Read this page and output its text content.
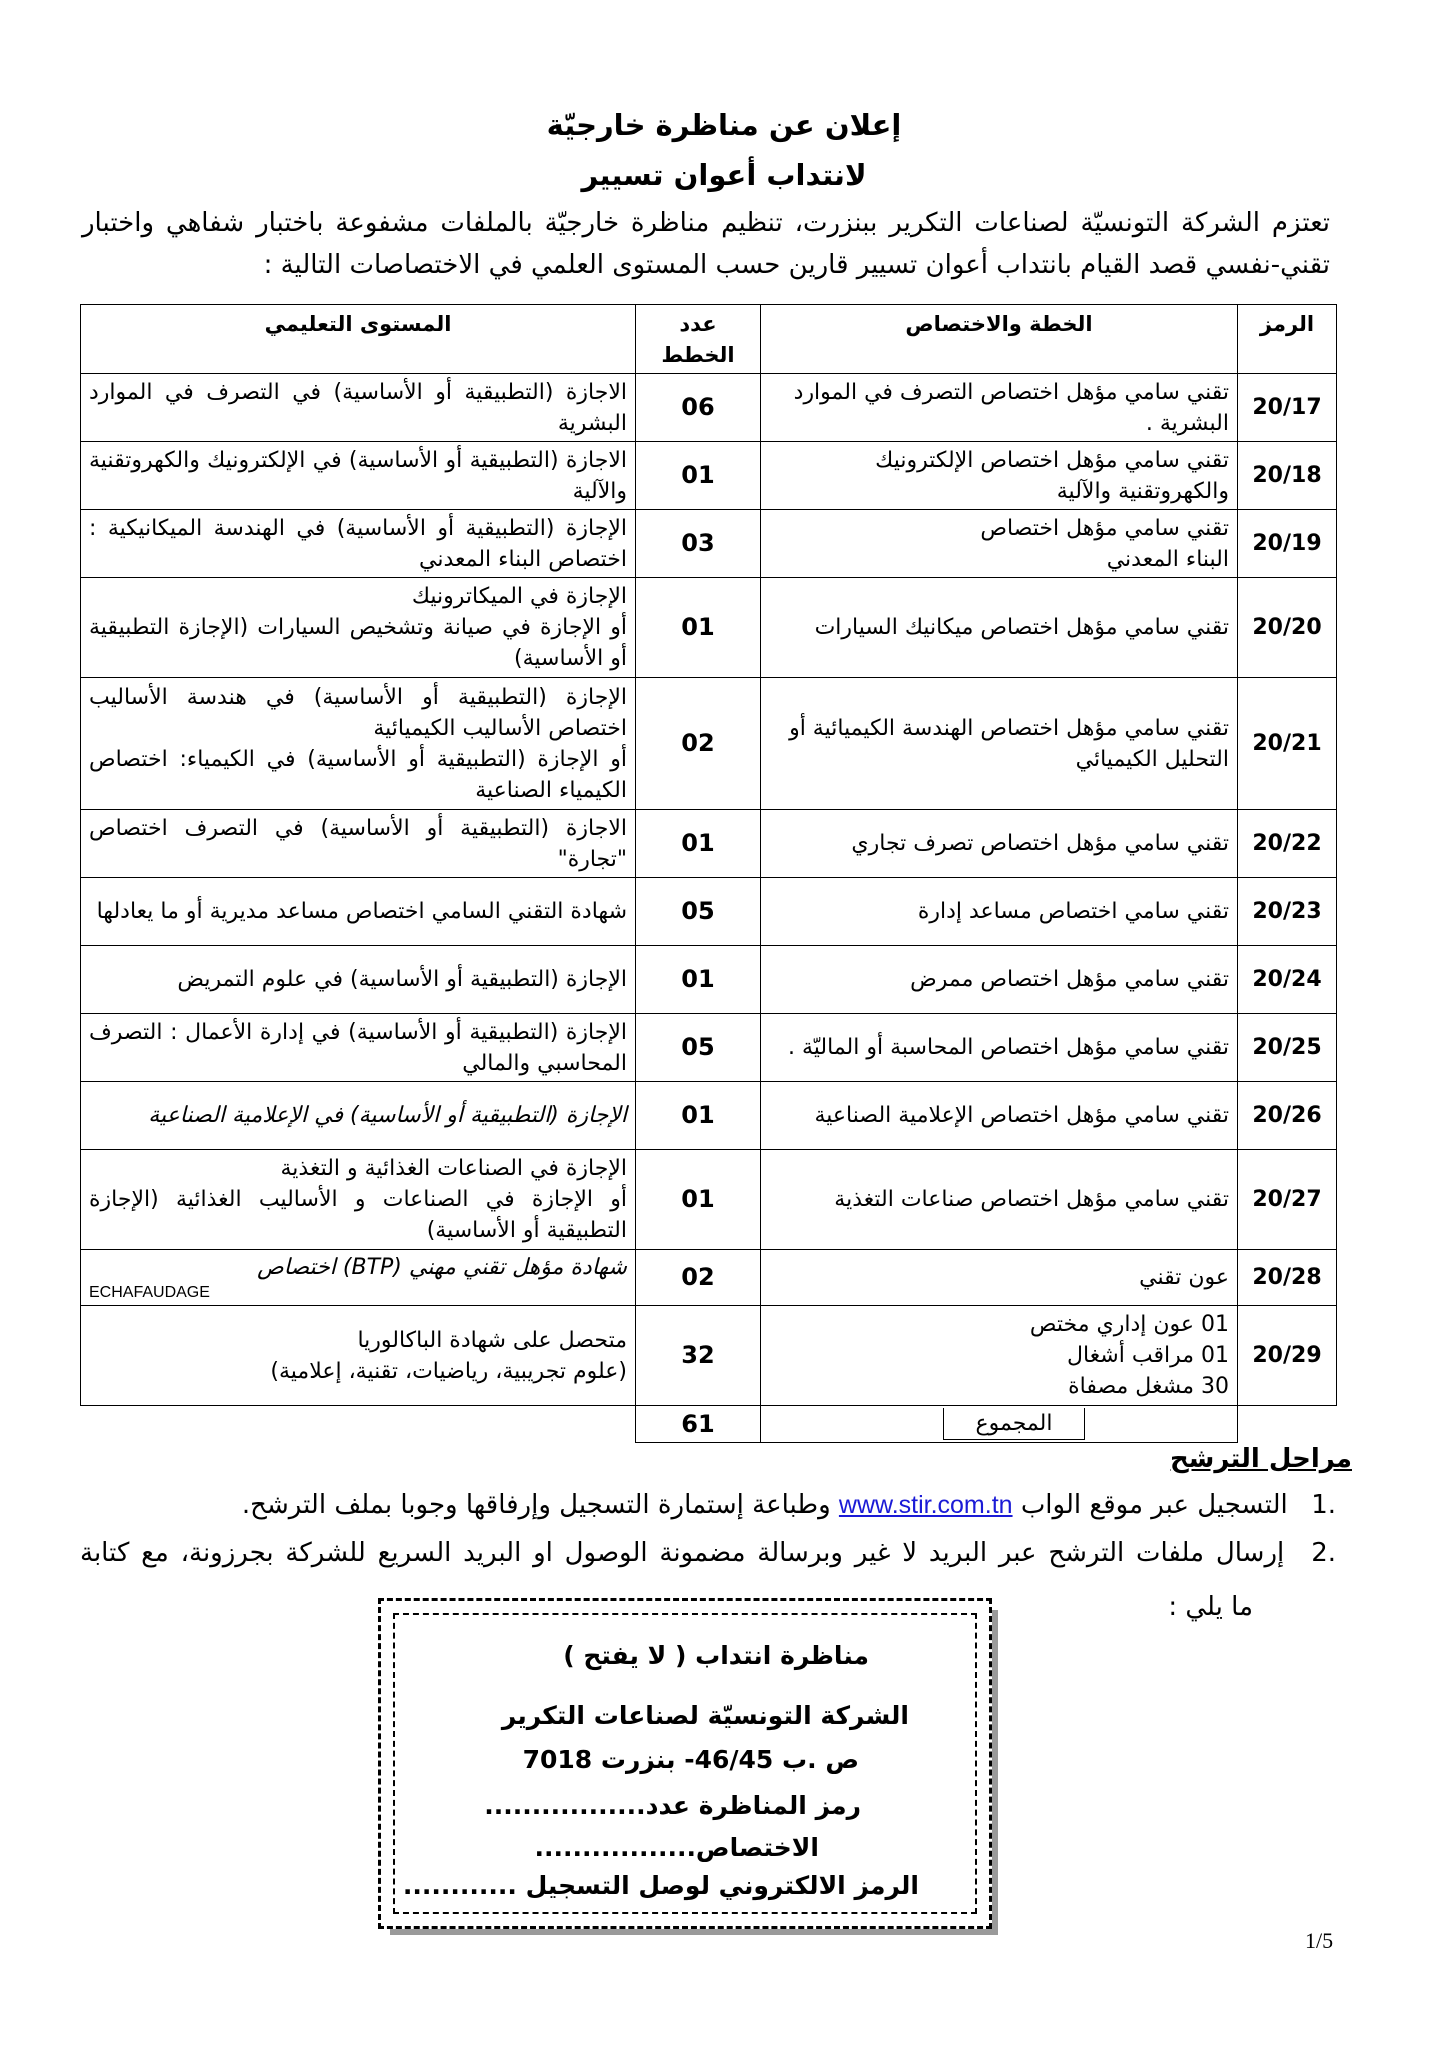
إعلان عن مناظرة خارجيّة
لانتداب أعوان تسيير
تعتزم الشركة التونسيّة لصناعات التكرير ببنزرت، تنظيم مناظرة خارجيّة بالملفات مشفوعة باختبار شفاهي واختبار
تقني-نفسي قصد القيام بانتداب أعوان تسيير قارين حسب المستوى العلمي في الاختصاصات التالية :
الرمز	الخطة والاختصاص	عدد الخطط	المستوى التعليمي
20/17	تقني سامي مؤهل اختصاص التصرف في الموارد البشرية .	06	الاجازة (التطبيقية أو الأساسية) في التصرف في الموارد البشرية
20/18	تقني سامي مؤهل اختصاص الإلكترونيك والكهروتقنية والآلية	01	الاجازة (التطبيقية أو الأساسية) في الإلكترونيك والكهروتقنية والآلية
20/19	تقني سامي مؤهل اختصاص
البناء المعدني	03	الإجازة (التطبيقية أو الأساسية) في الهندسة الميكانيكية : اختصاص البناء المعدني
20/20	تقني سامي مؤهل اختصاص ميكانيك السيارات	01	الإجازة في الميكاترونيك
أو الإجازة في صيانة وتشخيص السيارات (الإجازة التطبيقية أو الأساسية)
20/21	تقني سامي مؤهل اختصاص الهندسة الكيميائية أو التحليل الكيميائي	02	الإجازة (التطبيقية أو الأساسية) في هندسة الأساليب اختصاص الأساليب الكيميائية
أو الإجازة (التطبيقية أو الأساسية) في الكيمياء: اختصاص الكيمياء الصناعية
20/22	تقني سامي مؤهل اختصاص تصرف تجاري	01	الاجازة (التطبيقية أو الأساسية) في التصرف اختصاص "تجارة"
20/23	تقني سامي اختصاص مساعد إدارة	05	شهادة التقني السامي اختصاص مساعد مديرية أو ما يعادلها
20/24	تقني سامي مؤهل اختصاص ممرض	01	الإجازة (التطبيقية أو الأساسية) في علوم التمريض
20/25	تقني سامي مؤهل اختصاص المحاسبة أو الماليّة .	05	الإجازة (التطبيقية أو الأساسية) في إدارة الأعمال : التصرف المحاسبي والمالي
20/26	تقني سامي مؤهل اختصاص الإعلامية الصناعية	01	الإجازة (التطبيقية أو الأساسية) في الإعلامية الصناعية
20/27	تقني سامي مؤهل اختصاص صناعات التغذية	01	الإجازة في الصناعات الغذائية و التغذية
أو الإجازة في الصناعات و الأساليب الغذائية (الإجازة التطبيقية أو الأساسية)
20/28	عون تقني	02	شهادة مؤهل تقني مهني (BTP) اختصاص
ECHAFAUDAGE

20/29	01 عون إداري مختص
01 مراقب أشغال
30 مشغل مصفاة	32	متحصل على شهادة الباكالوريا
(علوم تجريبية، رياضيات، تقنية، إعلامية)
	المجموع	61	
مراحل الترشح
.1 التسجيل عبر موقع الواب www.stir.com.tn وطباعة إستمارة التسجيل وإرفاقها وجوبا بملف الترشح.
.2 إرسال ملفات الترشح عبر البريد لا غير وبرسالة مضمونة الوصول او البريد السريع للشركة بجرزونة، مع كتابة
ما يلي :
مناظرة انتداب ( لا يفتح )
الشركة التونسيّة لصناعات التكرير
ص .ب 46/45- بنزرت 7018
رمز المناظرة عدد.................
الاختصاص.................
الرمز الالكتروني لوصل التسجيل ............
1/5
